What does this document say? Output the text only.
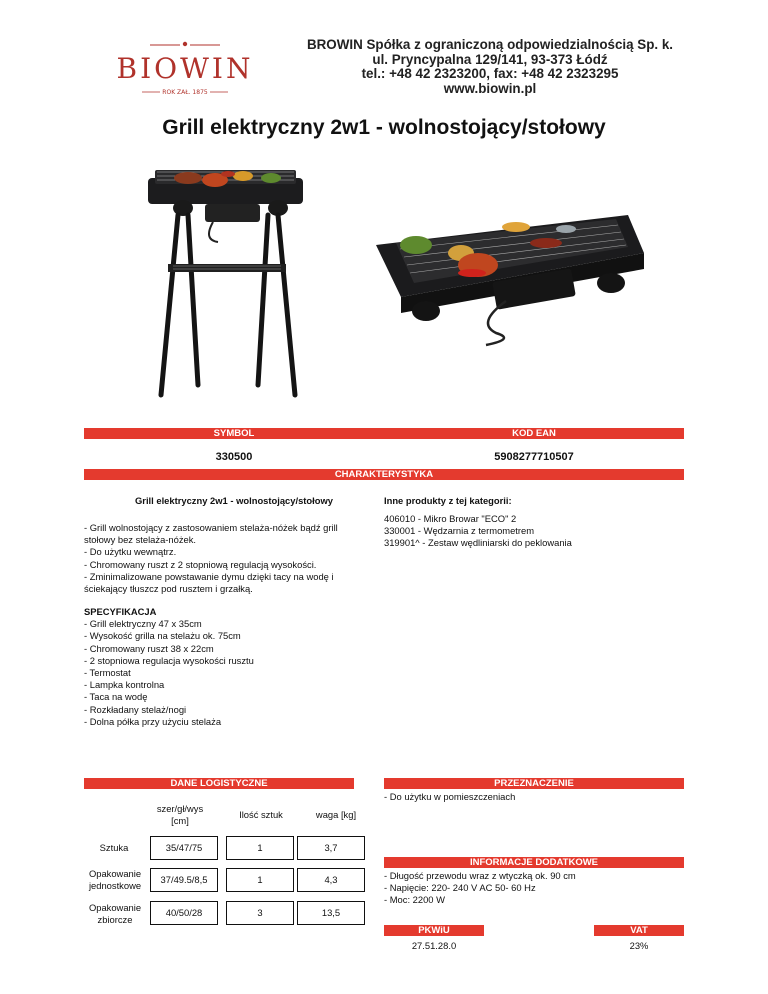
BIOWIN
ROK ZAŁ. 1875
BROWIN Spółka z ograniczoną odpowiedzialnością Sp. k.
ul. Pryncypalna 129/141, 93-373 Łódź
tel.: +48 42 2323200, fax: +48 42 2323295
www.biowin.pl
Grill elektryczny 2w1 - wolnostojący/stołowy
SYMBOL	KOD EAN
330500	5908277710507
CHARAKTERYSTYKA
Grill elektryczny 2w1 - wolnostojący/stołowy
- Grill wolnostojący z zastosowaniem stelaża-nóżek bądź grill
stołowy bez stelaża-nóżek.
- Do użytku wewnątrz.
- Chromowany ruszt z 2 stopniową regulacją wysokości.
- Zminimalizowane powstawanie dymu dzięki tacy na wodę i
ściekający tłuszcz pod rusztem i grzałką.
SPECYFIKACJA
- Grill elektryczny 47 x 35cm
- Wysokość grilla na stelażu ok. 75cm
- Chromowany ruszt 38 x 22cm
- 2 stopniowa regulacja wysokości rusztu
- Termostat
- Lampka kontrolna
- Taca na wodę
- Rozkładany stelaż/nogi
- Dolna półka przy użyciu stelaża
Inne produkty z tej kategorii:
406010 - Mikro Browar "ECO" 2
330001 - Wędzarnia z termometrem
319901^ - Zestaw wędliniarski do peklowania
DANE LOGISTYCZNE
szer/gł/wys
[cm]
Ilość sztuk	waga [kg]
Sztuka	35/47/75	1	3,7
Opakowanie
jednostkowe
37/49.5/8,5	1	4,3
Opakowanie
zbiorcze
40/50/28	3	13,5
PRZEZNACZENIE
- Do użytku w pomieszczeniach
INFORMACJE DODATKOWE
- Długość przewodu wraz z wtyczką ok. 90 cm
- Napięcie: 220- 240 V AC 50- 60 Hz
- Moc: 2200 W
PKWiU	VAT
27.51.28.0	23%
